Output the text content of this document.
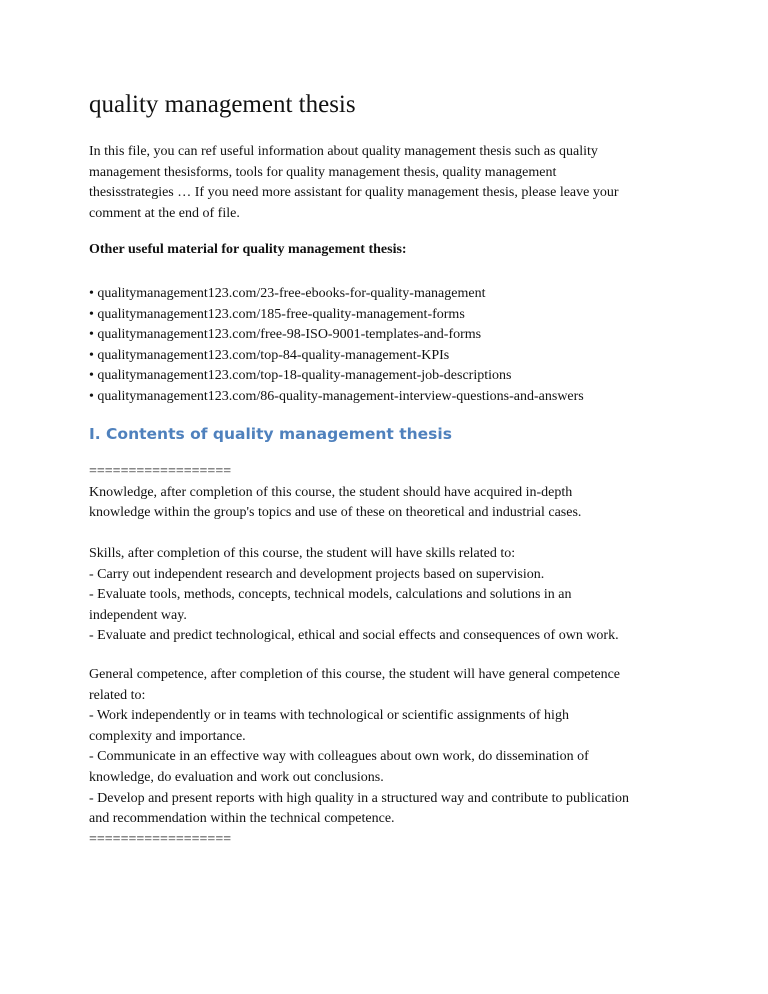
quality management thesis

In this file, you can ref useful information about quality management thesis such as quality
management thesisforms, tools for quality management thesis, quality management
thesisstrategies … If you need more assistant for quality management thesis, please leave your
comment at the end of file.

Other useful material for quality management thesis:
• qualitymanagement123.com/23-free-ebooks-for-quality-management
• qualitymanagement123.com/185-free-quality-management-forms
• qualitymanagement123.com/free-98-ISO-9001-templates-and-forms
• qualitymanagement123.com/top-84-quality-management-KPIs
• qualitymanagement123.com/top-18-quality-management-job-descriptions
• qualitymanagement123.com/86-quality-management-interview-questions-and-answers
I. Contents of quality management thesis

==================
Knowledge, after completion of this course, the student should have acquired in-depth
knowledge within the group's topics and use of these on theoretical and industrial cases.

Skills, after completion of this course, the student will have skills related to:
- Carry out independent research and development projects based on supervision.
- Evaluate tools, methods, concepts, technical models, calculations and solutions in an
independent way.
- Evaluate and predict technological, ethical and social effects and consequences of own work.

General competence, after completion of this course, the student will have general competence
related to:
- Work independently or in teams with technological or scientific assignments of high
complexity and importance.
- Communicate in an effective way with colleagues about own work, do dissemination of
knowledge, do evaluation and work out conclusions.
- Develop and present reports with high quality in a structured way and contribute to publication
and recommendation within the technical competence.
==================
